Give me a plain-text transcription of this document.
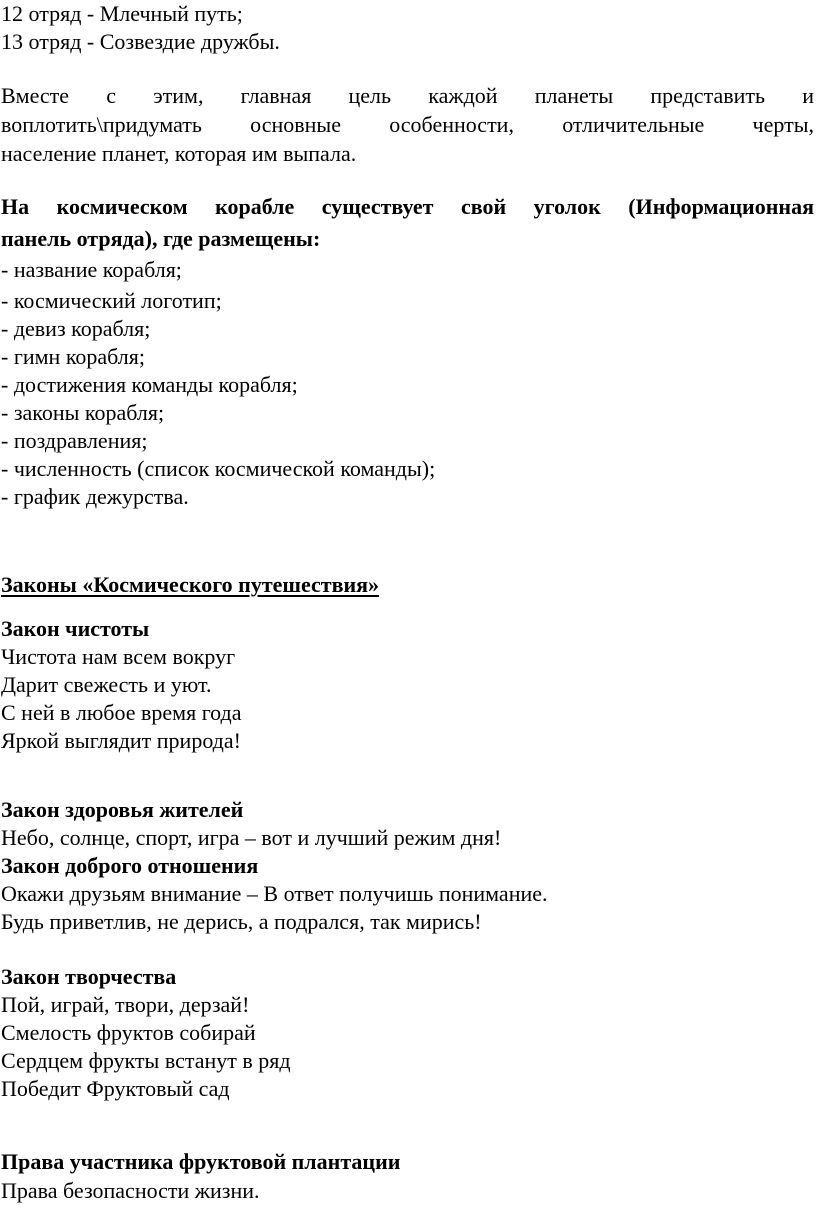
12 отряд - Млечный путь;
13 отряд - Созвездие дружбы.
Вместе с этим, главная цель каждой планеты представить и
воплотить\придумать основные особенности, отличительные черты,
население планет, которая им выпала.
На космическом корабле существует свой уголок (Информационная
панель отряда), где размещены:
- название корабля;
- космический логотип;
- девиз корабля;
- гимн корабля;
- достижения команды корабля;
- законы корабля;
- поздравления;
- численность (список космической команды);
- график дежурства.
Законы «Космического путешествия»
Закон чистоты
Чистота нам всем вокруг
Дарит свежесть и уют.
С ней в любое время года
Яркой выглядит природа!
Закон здоровья жителей
Небо, солнце, спорт, игра – вот и лучший режим дня!
Закон доброго отношения
Окажи друзьям внимание – В ответ получишь понимание.
Будь приветлив, не дерись, а подрался, так мирись!
Закон творчества
Пой, играй, твори, дерзай!
Смелость фруктов собирай
Сердцем фрукты встанут в ряд
Победит Фруктовый сад
Права участника фруктовой плантации
Права безопасности жизни.
